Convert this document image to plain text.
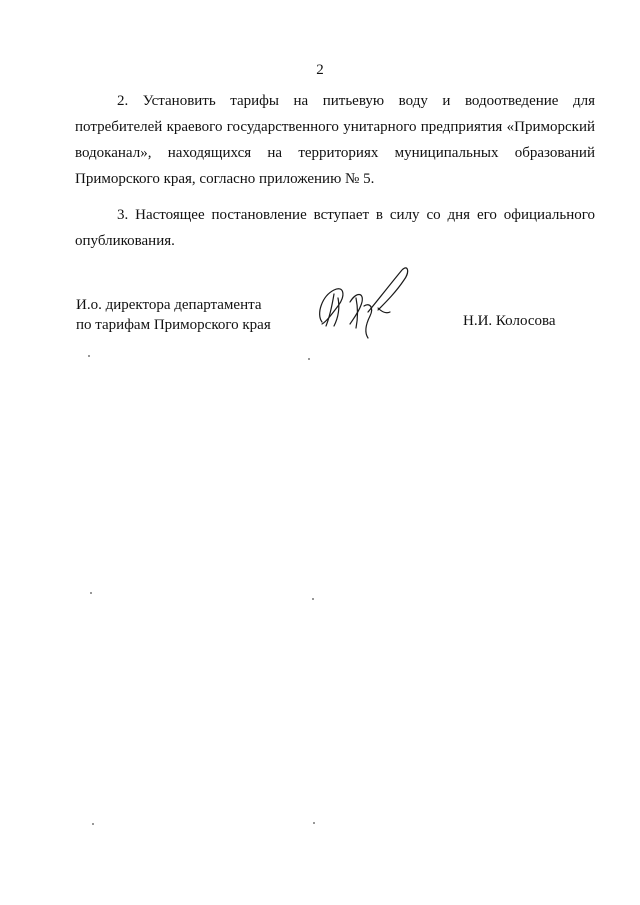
2

2. Установить тарифы на питьевую воду и водоотведение для потребителей краевого государственного унитарного предприятия «Приморский водоканал», находящихся на территориях муниципальных образований Приморского края, согласно приложению № 5.

3. Настоящее постановление вступает в силу со дня его официального опубликования.

И.о. директора департамента
по тарифам Приморского края	Н.И. Колосова
